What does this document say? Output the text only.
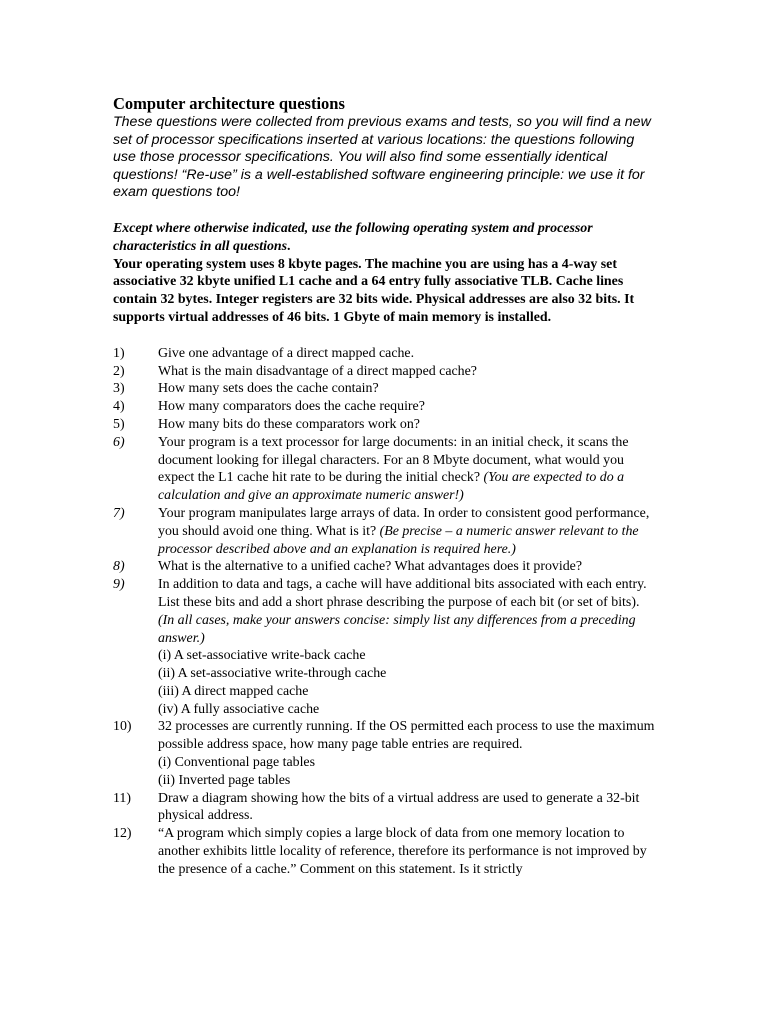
Computer architecture questions

These questions were collected from previous exams and tests, so you will find a new set of processor specifications inserted at various locations: the questions following use those processor specifications. You will also find some essentially identical questions! “Re-use” is a well-established software engineering principle: we use it for exam questions too!

Except where otherwise indicated, use the following operating system and processor characteristics in all questions.

Your operating system uses 8 kbyte pages. The machine you are using has a 4-way set associative 32 kbyte unified L1 cache and a 64 entry fully associative TLB. Cache lines contain 32 bytes. Integer registers are 32 bits wide. Physical addresses are also 32 bits. It supports virtual addresses of 46 bits. 1 Gbyte of main memory is installed.

1)	Give one advantage of a direct mapped cache.
2)	What is the main disadvantage of a direct mapped cache?
3)	How many sets does the cache contain?
4)	How many comparators does the cache require?
5)	How many bits do these comparators work on?
6)	Your program is a text processor for large documents: in an initial check, it scans the document looking for illegal characters. For an 8 Mbyte document, what would you expect the L1 cache hit rate to be during the initial check? (You are expected to do a calculation and give an approximate numeric answer!)
7)	Your program manipulates large arrays of data. In order to consistent good performance, you should avoid one thing. What is it? (Be precise – a numeric answer relevant to the processor described above and an explanation is required here.)
8)	What is the alternative to a unified cache? What advantages does it provide?
9)	In addition to data and tags, a cache will have additional bits associated with each entry. List these bits and add a short phrase describing the purpose of each bit (or set of bits). (In all cases, make your answers concise: simply list any differences from a preceding answer.)
(i) A set-associative write-back cache
(ii) A set-associative write-through cache
(iii) A direct mapped cache
(iv) A fully associative cache
10)	32 processes are currently running. If the OS permitted each process to use the maximum possible address space, how many page table entries are required.
(i) Conventional page tables
(ii) Inverted page tables
11)	Draw a diagram showing how the bits of a virtual address are used to generate a 32-bit physical address.
12)	“A program which simply copies a large block of data from one memory location to another exhibits little locality of reference, therefore its performance is not improved by the presence of a cache.” Comment on this statement. Is it strictly
